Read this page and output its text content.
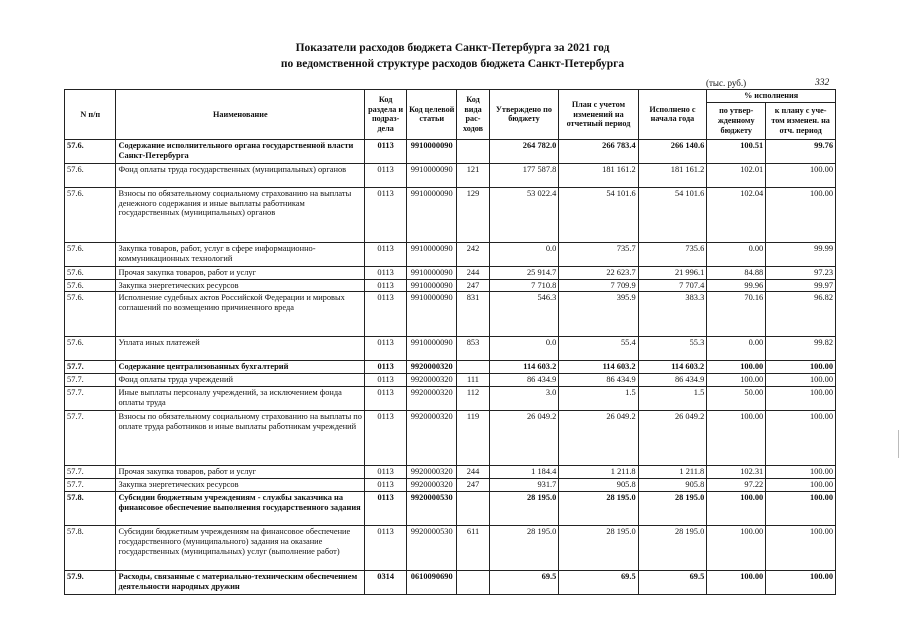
Показатели расходов бюджета Санкт-Петербурга за 2021 год
по ведомственной структуре расходов бюджета Санкт-Петербурга
(тыс. руб.)	332
N п/п	Наименование	Код раздела и подраз-дела	Код целевой статьи	Код вида рас-ходов	Утверждено по бюджету	План с учетом изменений на отчетный период	Исполнено с начала года	% исполнения	
								по утвер-жденному бюджету	к плану с уче-том изменен. на отч. период
57.6.	Содержание исполнительного органа государственной власти Санкт-Петербурга	0113	9910000090		264 782.0	266 783.4	266 140.6	100.51	99.76
57.6.	Фонд оплаты труда государственных (муниципальных) органов	0113	9910000090	121	177 587.8	181 161.2	181 161.2	102.01	100.00
57.6.	Взносы по обязательному социальному страхованию на выплаты денежного содержания и иные выплаты работникам государственных (муниципальных) органов	0113	9910000090	129	53 022.4	54 101.6	54 101.6	102.04	100.00
57.6.	Закупка товаров, работ, услуг в сфере информационно-коммуникационных технологий	0113	9910000090	242	0.0	735.7	735.6	0.00	99.99
57.6.	Прочая закупка товаров, работ и услуг	0113	9910000090	244	25 914.7	22 623.7	21 996.1	84.88	97.23
57.6.	Закупка энергетических ресурсов	0113	9910000090	247	7 710.8	7 709.9	7 707.4	99.96	99.97
57.6.	Исполнение судебных актов Российской Федерации и мировых соглашений по возмещению причиненного вреда	0113	9910000090	831	546.3	395.9	383.3	70.16	96.82
57.6.	Уплата иных платежей	0113	9910000090	853	0.0	55.4	55.3	0.00	99.82
57.7.	Содержание централизованных бухгалтерий	0113	9920000320		114 603.2	114 603.2	114 603.2	100.00	100.00
57.7.	Фонд оплаты труда учреждений	0113	9920000320	111	86 434.9	86 434.9	86 434.9	100.00	100.00
57.7.	Иные выплаты персоналу учреждений, за исключением фонда оплаты труда	0113	9920000320	112	3.0	1.5	1.5	50.00	100.00
57.7.	Взносы по обязательному социальному страхованию на выплаты по оплате труда работников и иные выплаты работникам учреждений	0113	9920000320	119	26 049.2	26 049.2	26 049.2	100.00	100.00
57.7.	Прочая закупка товаров, работ и услуг	0113	9920000320	244	1 184.4	1 211.8	1 211.8	102.31	100.00
57.7.	Закупка энергетических ресурсов	0113	9920000320	247	931.7	905.8	905.8	97.22	100.00
57.8.	Субсидии бюджетным учреждениям - службы заказчика на финансовое обеспечение выполнения государственного задания	0113	9920000530		28 195.0	28 195.0	28 195.0	100.00	100.00
57.8.	Субсидии бюджетным учреждениям на финансовое обеспечение государственного (муниципального) задания на оказание государственных (муниципальных) услуг (выполнение работ)	0113	9920000530	611	28 195.0	28 195.0	28 195.0	100.00	100.00
57.9.	Расходы, связанные с материально-техническим обеспечением деятельности народных дружин	0314	0610090690		69.5	69.5	69.5	100.00	100.00
